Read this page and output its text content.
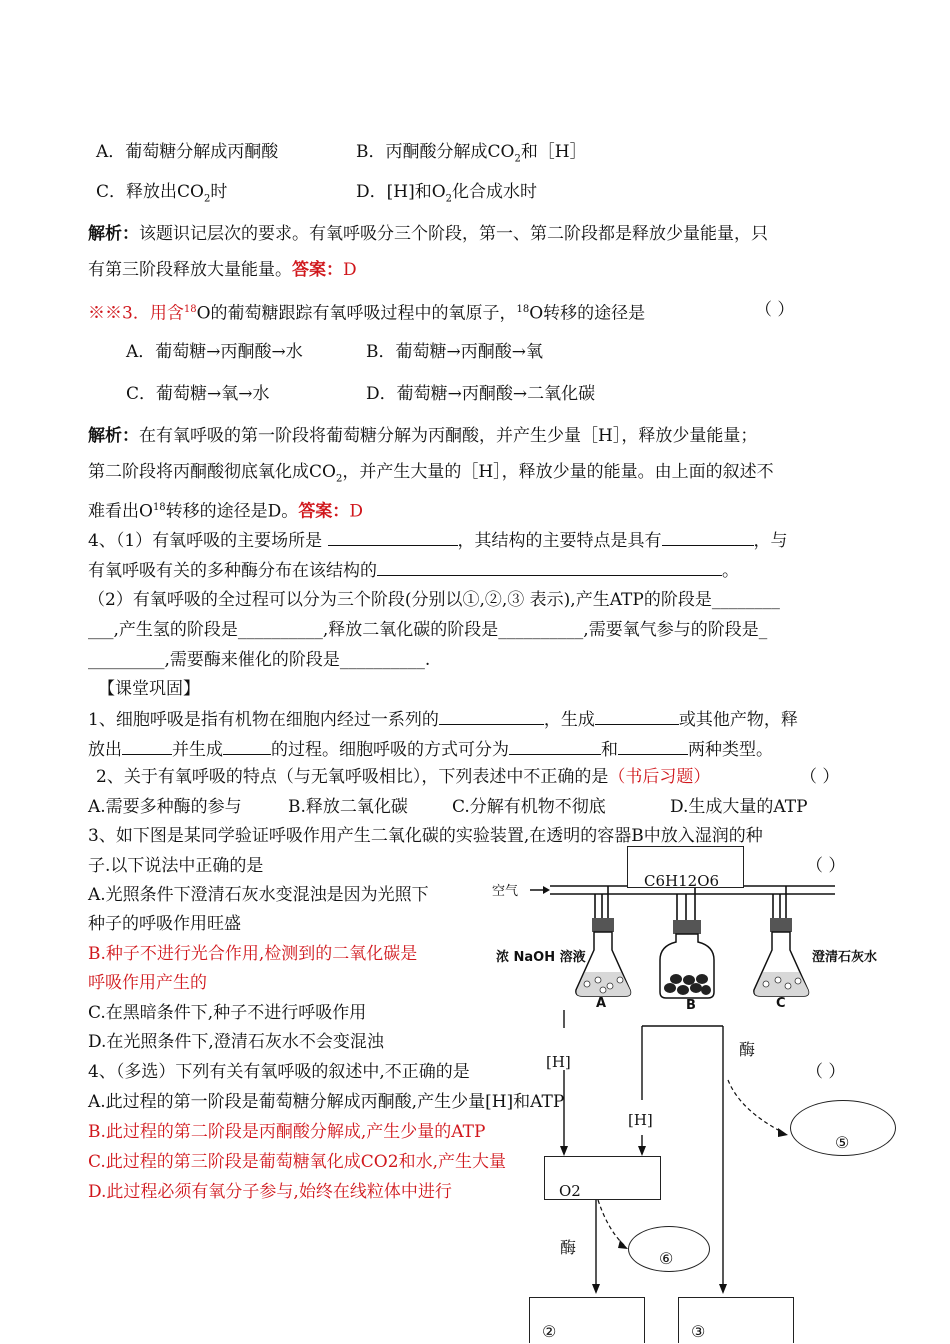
A．葡萄糖分解成丙酮酸	B．丙酮酸分解成$CO_2$和［H］
C．释放出$CO_2$时	D．[H]和$O_2$化合成水时
解析：该题识记层次的要求。有氧呼吸分三个阶段，第一、第二阶段都是释放少量能量，只
有第三阶段释放大量能量。答案：D
※※3．用含$^{18}$O的葡萄糖跟踪有氧呼吸过程中的氧原子，$^{18}$O转移的途径是	（ ）
A．葡萄糖→丙酮酸→水	B．葡萄糖→丙酮酸→氧
C．葡萄糖→氧→水	D．葡萄糖→丙酮酸→二氧化碳
解析：在有氧呼吸的第一阶段将葡萄糖分解为丙酮酸，并产生少量［H］，释放少量能量；
第二阶段将丙酮酸彻底氧化成$CO_2$，并产生大量的［H］，释放少量的能量。由上面的叙述不
难看出$O^{18}$转移的途径是D。答案：D
4、（1）有氧呼吸的主要场所是	，其结构的主要特点是具有	，与
有氧呼吸有关的多种酶分布在该结构的	。
（2）有氧呼吸的全过程可以分为三个阶段(分别以①,②,③ 表示),产生ATP的阶段是________
___,产生氢的阶段是__________,释放二氧化碳的阶段是__________,需要氧气参与的阶段是_
_________,需要酶来催化的阶段是__________.
【课堂巩固】
1、细胞呼吸是指有机物在细胞内经过一系列的	，生成	或其他产物，释
放出	并生成	的过程。细胞呼吸的方式可分为	和	两种类型。
2、关于有氧呼吸的特点（与无氧呼吸相比），下列表述中不正确的是（书后习题）	（ ）
A.需要多种酶的参与	B.释放二氧化碳	C.分解有机物不彻底	D.生成大量的ATP
3、如下图是某同学验证呼吸作用产生二氧化碳的实验装置,在透明的容器B中放入湿润的种
子.以下说法中正确的是	（ ）
A.光照条件下澄清石灰水变混浊是因为光照下
种子的呼吸作用旺盛
B.种子不进行光合作用,检测到的二氧化碳是
呼吸作用产生的
C.在黑暗条件下,种子不进行呼吸作用
D.在光照条件下,澄清石灰水不会变混浊
4、（多选）下列有关有氧呼吸的叙述中,不正确的是	（ ）
A.此过程的第一阶段是葡萄糖分解成丙酮酸,产生少量[H]和ATP
B.此过程的第二阶段是丙酮酸分解成,产生少量的ATP
C.此过程的第三阶段是葡萄糖氧化成CO2和水,产生大量
D.此过程必须有氧分子参与,始终在线粒体中进行
空气
浓 NaOH 溶液	澄清石灰水
A	B	C
C6H12O6
[H]
[H]
酶
酶
O2
⑤
⑥
②	③
